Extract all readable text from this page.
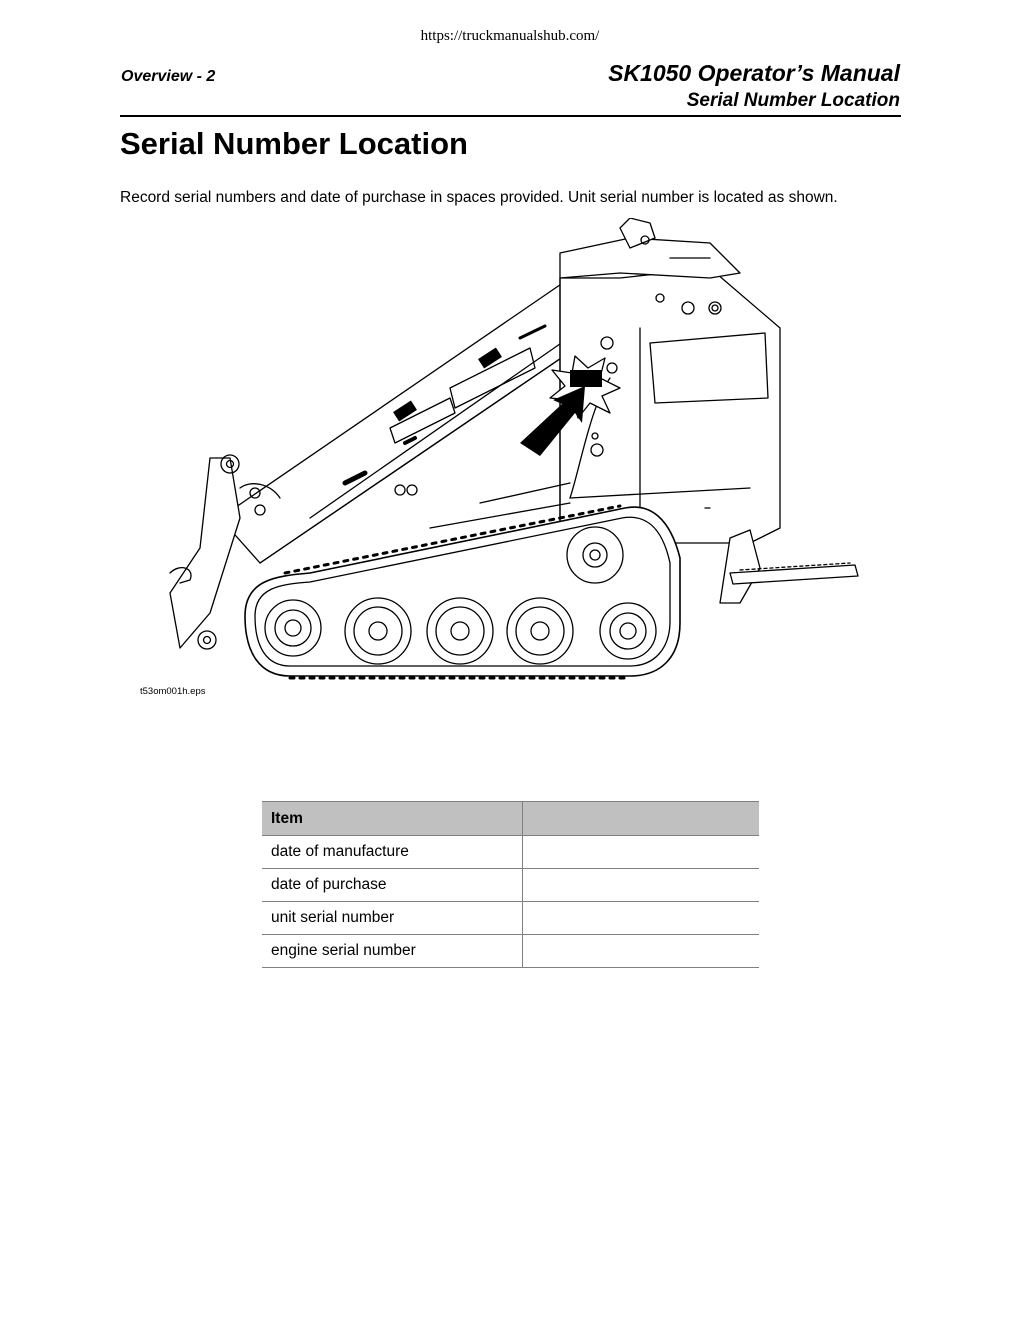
https://truckmanualshub.com/
Overview - 2	SK1050 Operator’s Manual
Serial Number Location
Serial Number Location
Record serial numbers and date of purchase in spaces provided. Unit serial number is located as shown.
t53om001h.eps
Item	
date of manufacture	
date of purchase	
unit serial number	
engine serial number	
